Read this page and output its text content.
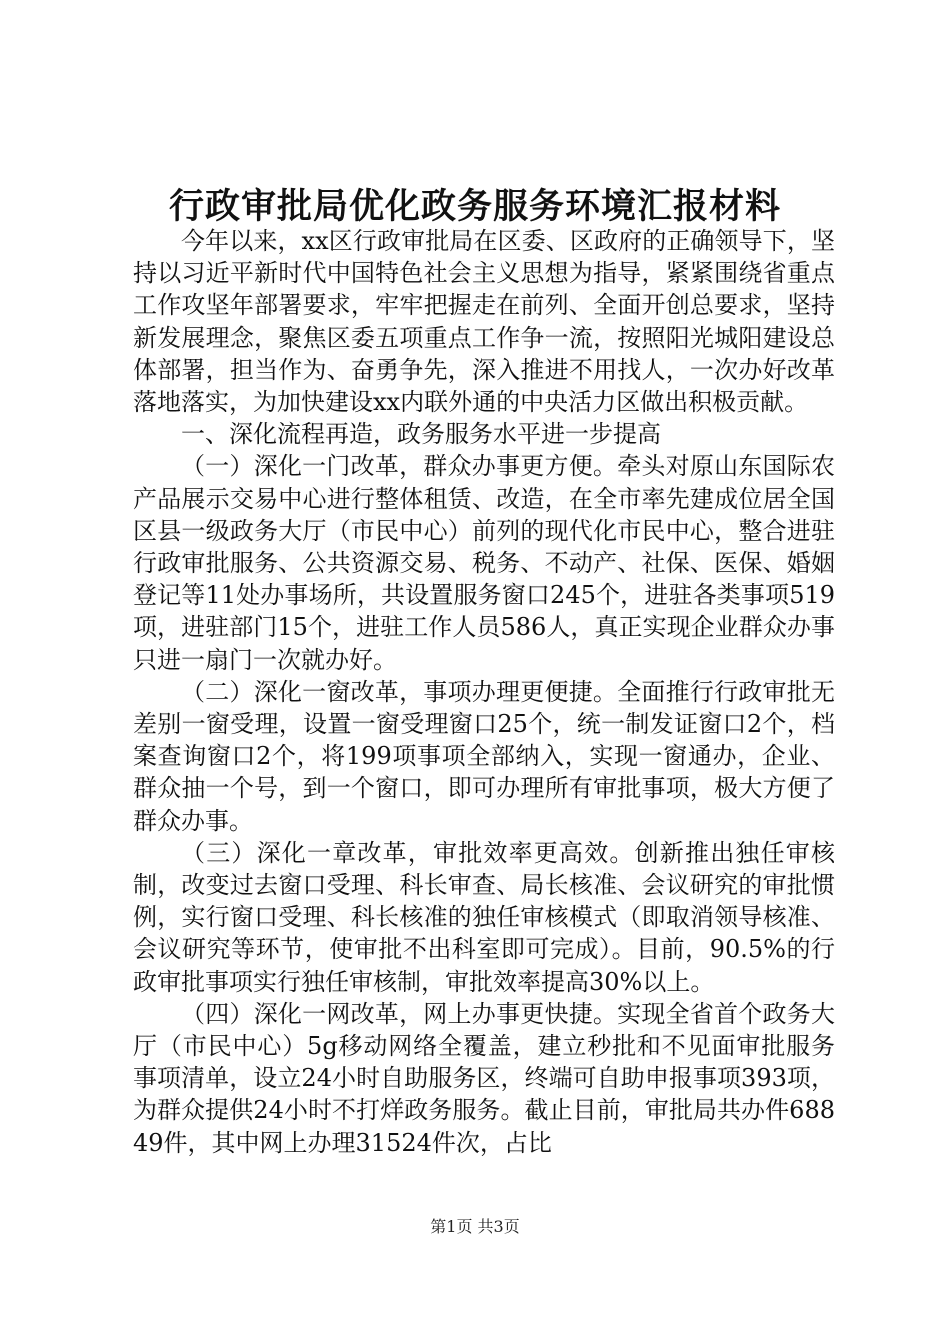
行政审批局优化政务服务环境汇报材料

今年以来，xx区行政审批局在区委、区政府的正确领导下，坚持以习近平新时代中国特色社会主义思想为指导，紧紧围绕省重点工作攻坚年部署要求，牢牢把握走在前列、全面开创总要求，坚持新发展理念，聚焦区委五项重点工作争一流，按照阳光城阳建设总体部署，担当作为、奋勇争先，深入推进不用找人，一次办好改革落地落实，为加快建设xx内联外通的中央活力区做出积极贡献。

一、深化流程再造，政务服务水平进一步提高

（一）深化一门改革，群众办事更方便。牵头对原山东国际农产品展示交易中心进行整体租赁、改造，在全市率先建成位居全国区县一级政务大厅（市民中心）前列的现代化市民中心，整合进驻行政审批服务、公共资源交易、税务、不动产、社保、医保、婚姻登记等11处办事场所，共设置服务窗口245个，进驻各类事项519项，进驻部门15个，进驻工作人员586人，真正实现企业群众办事只进一扇门一次就办好。

（二）深化一窗改革，事项办理更便捷。全面推行行政审批无差别一窗受理，设置一窗受理窗口25个，统一制发证窗口2个，档案查询窗口2个，将199项事项全部纳入，实现一窗通办，企业、群众抽一个号，到一个窗口，即可办理所有审批事项，极大方便了群众办事。

（三）深化一章改革，审批效率更高效。创新推出独任审核制，改变过去窗口受理、科长审查、局长核准、会议研究的审批惯例，实行窗口受理、科长核准的独任审核模式（即取消领导核准、会议研究等环节，使审批不出科室即可完成）。目前，90.5%的行政审批事项实行独任审核制，审批效率提高30%以上。

（四）深化一网改革，网上办事更快捷。实现全省首个政务大厅（市民中心）5g移动网络全覆盖，建立秒批和不见面审批服务事项清单，设立24小时自助服务区，终端可自助申报事项393项，为群众提供24小时不打烊政务服务。截止目前，审批局共办件68849件，其中网上办理31524件次，占比

第1页 共3页
